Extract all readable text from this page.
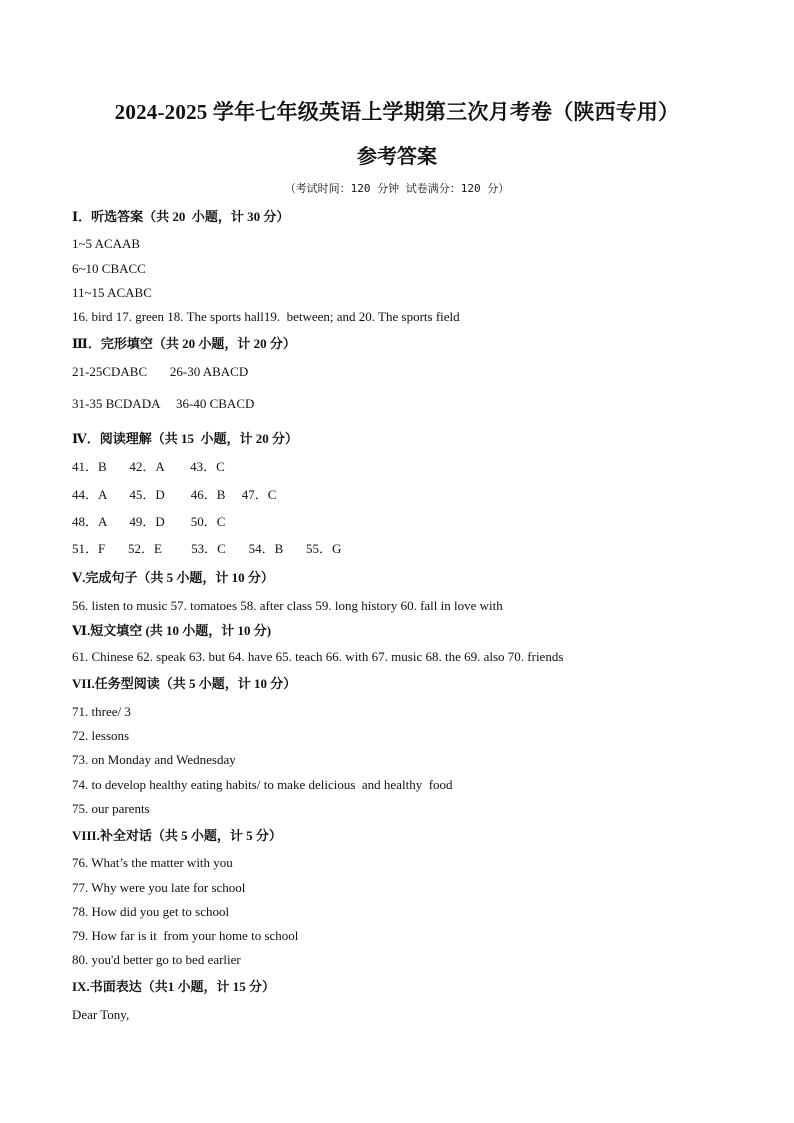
2024-2025 学年七年级英语上学期第三次月考卷（陕西专用）
参考答案
（考试时间：120 分钟 试卷满分：120 分）
Ⅰ．听选答案（共 20  小题，计 30 分）
1~5 ACAAB
6~10 CBACC
11~15 ACABC
16. bird 17. green 18. The sports hall19.  between; and 20. The sports field
Ⅲ．完形填空（共 20 小题，计 20 分）
21-25CDABC       26-30 ABACD
31-35 BCDADA     36-40 CBACD
Ⅳ．阅读理解（共 15  小题，计 20 分）
41．B       42．A        43．C
44．A       45．D        46．B     47．C
48．A       49．D        50．C
51．F       52．E         53．C       54．B       55．G
Ⅴ.完成句子（共 5 小题，计 10 分）
56. listen to music 57. tomatoes 58. after class 59. long history 60. fall in love with
Ⅵ.短文填空 (共 10 小题，计 10 分)
61. Chinese 62. speak 63. but 64. have 65. teach 66. with 67. music 68. the 69. also 70. friends
VII.任务型阅读（共 5 小题，计 10 分）
71. three/ 3
72. lessons
73. on Monday and Wednesday
74. to develop healthy eating habits/ to make delicious  and healthy  food
75. our parents
VIII.补全对话（共 5 小题，计 5 分）
76. What’s the matter with you
77. Why were you late for school
78. How did you get to school
79. How far is it  from your home to school
80. you'd better go to bed earlier
IX.书面表达（共1 小题，计 15 分）
Dear Tony,
